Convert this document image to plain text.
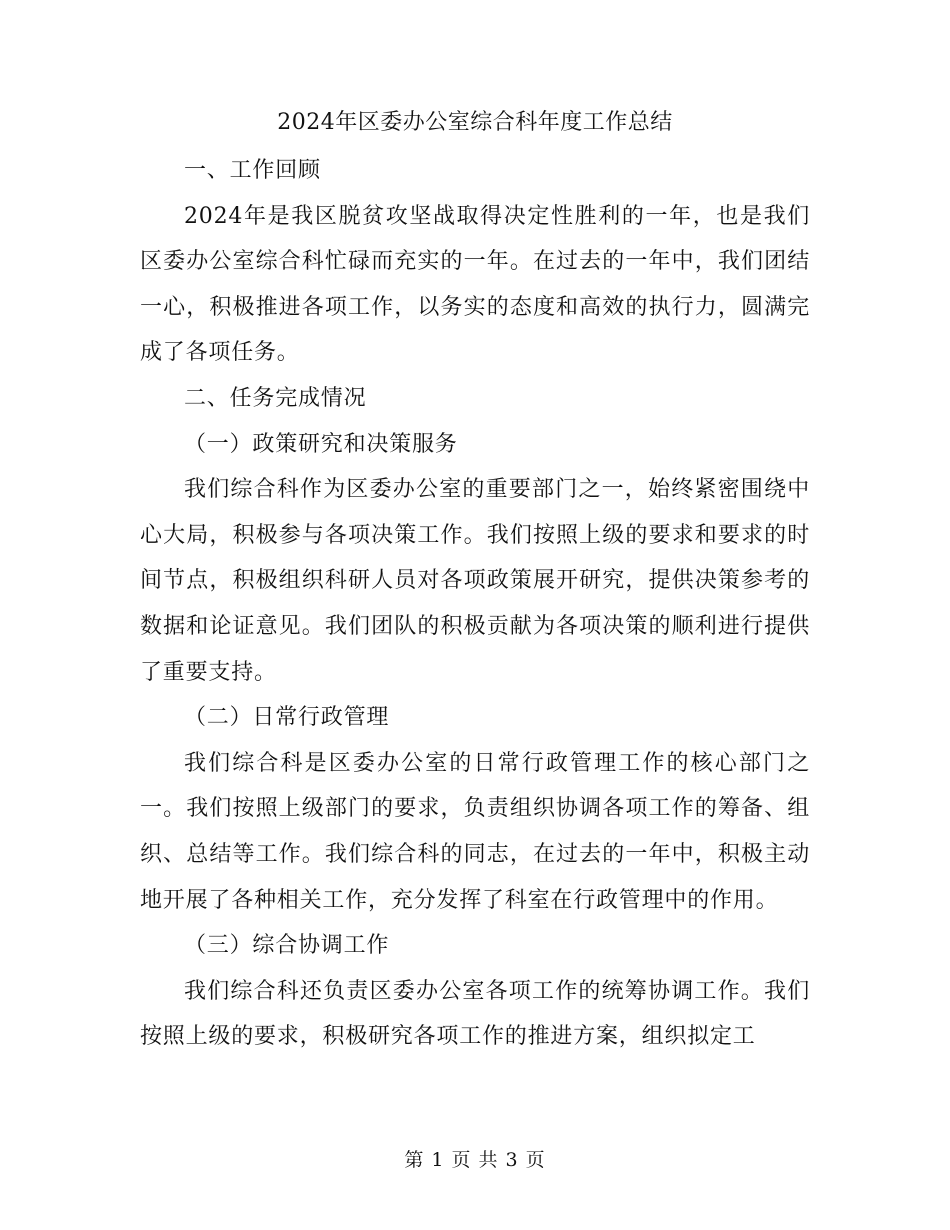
2024年区委办公室综合科年度工作总结

一、工作回顾

2024年是我区脱贫攻坚战取得决定性胜利的一年，也是我们区委办公室综合科忙碌而充实的一年。在过去的一年中，我们团结一心，积极推进各项工作，以务实的态度和高效的执行力，圆满完成了各项任务。

二、任务完成情况

（一）政策研究和决策服务

我们综合科作为区委办公室的重要部门之一，始终紧密围绕中心大局，积极参与各项决策工作。我们按照上级的要求和要求的时间节点，积极组织科研人员对各项政策展开研究，提供决策参考的数据和论证意见。我们团队的积极贡献为各项决策的顺利进行提供了重要支持。

（二）日常行政管理

我们综合科是区委办公室的日常行政管理工作的核心部门之一。我们按照上级部门的要求，负责组织协调各项工作的筹备、组织、总结等工作。我们综合科的同志，在过去的一年中，积极主动地开展了各种相关工作，充分发挥了科室在行政管理中的作用。

（三）综合协调工作

我们综合科还负责区委办公室各项工作的统筹协调工作。我们按照上级的要求，积极研究各项工作的推进方案，组织拟定工

第 1 页 共 3 页
